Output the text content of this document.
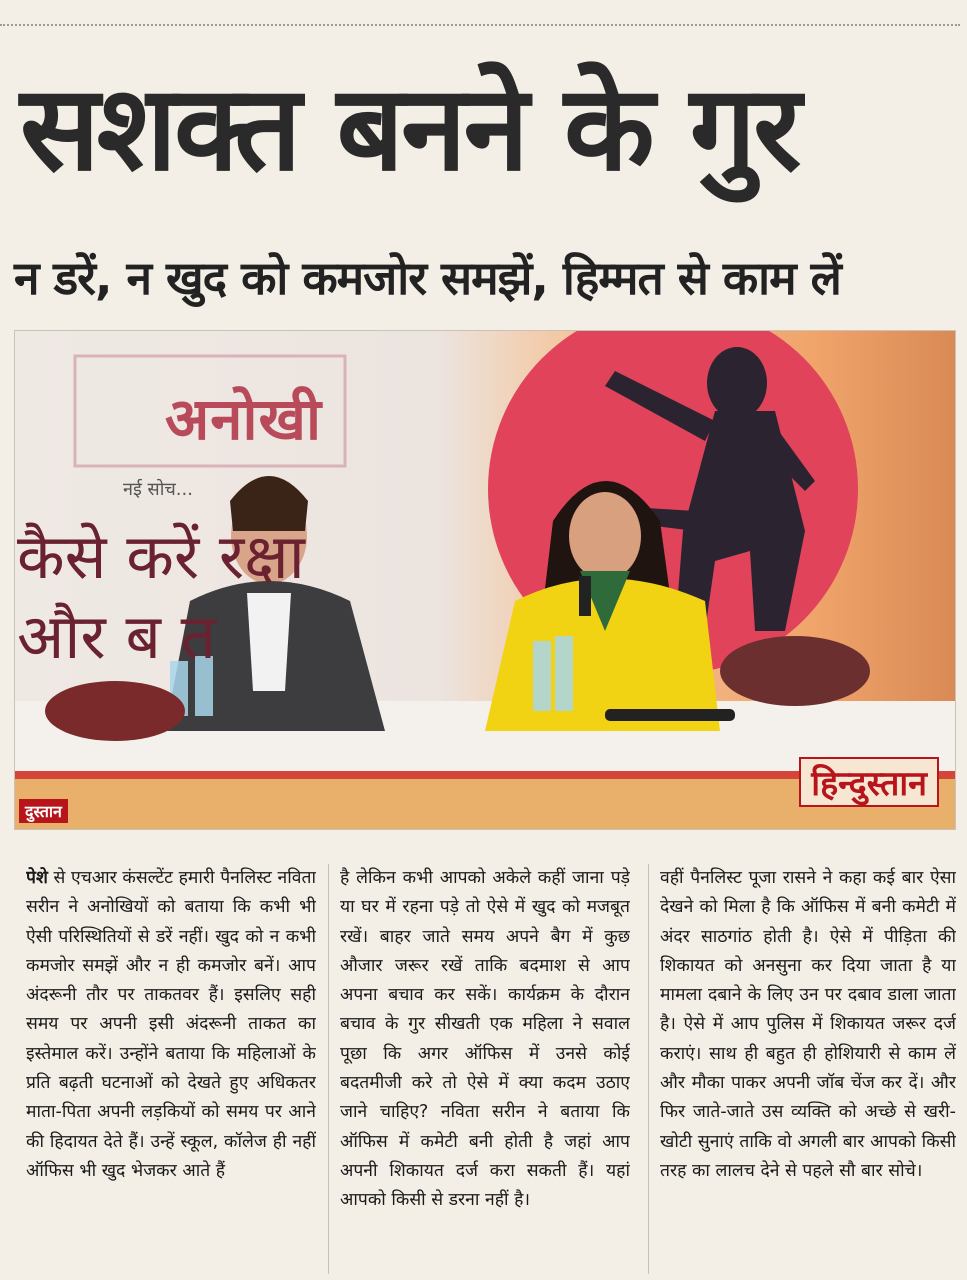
सशक्त बनने के गुर
न डरें, न खुद को कमजोर समझें, हिम्मत से काम लें
अनोखी
नई सोच...
कैसे करें रक्षा
और ब त
हिन्दुस्तान
दुस्तान
पेशे से एचआर कंसल्टेंट हमारी पैनलिस्ट नविता सरीन ने अनोखियों को बताया कि कभी भी ऐसी परिस्थितियों से डरें नहीं। खुद को न कभी कमजोर समझें और न ही कमजोर बनें। आप अंदरूनी तौर पर ताकतवर हैं। इसलिए सही समय पर अपनी इसी अंदरूनी ताकत का इस्तेमाल करें। उन्होंने बताया कि महिलाओं के प्रति बढ़ती घटनाओं को देखते हुए अधिकतर माता-पिता अपनी लड़कियों को समय पर आने की हिदायत देते हैं। उन्हें स्कूल, कॉलेज ही नहीं ऑफिस भी खुद भेजकर आते हैं
है लेकिन कभी आपको अकेले कहीं जाना पड़े या घर में रहना पड़े तो ऐसे में खुद को मजबूत रखें। बाहर जाते समय अपने बैग में कुछ औजार जरूर रखें ताकि बदमाश से आप अपना बचाव कर सकें। कार्यक्रम के दौरान बचाव के गुर सीखती एक महिला ने सवाल पूछा कि अगर ऑफिस में उनसे कोई बदतमीजी करे तो ऐसे में क्या कदम उठाए जाने चाहिए? नविता सरीन ने बताया कि ऑफिस में कमेटी बनी होती है जहां आप अपनी शिकायत दर्ज करा सकती हैं। यहां आपको किसी से डरना नहीं है।
वहीं पैनलिस्ट पूजा रासने ने कहा कई बार ऐसा देखने को मिला है कि ऑफिस में बनी कमेटी में अंदर साठगांठ होती है। ऐसे में पीड़िता की शिकायत को अनसुना कर दिया जाता है या मामला दबाने के लिए उन पर दबाव डाला जाता है। ऐसे में आप पुलिस में शिकायत जरूर दर्ज कराएं। साथ ही बहुत ही होशियारी से काम लें और मौका पाकर अपनी जॉब चेंज कर दें। और फिर जाते-जाते उस व्यक्ति को अच्छे से खरी-खोटी सुनाएं ताकि वो अगली बार आपको किसी तरह का लालच देने से पहले सौ बार सोचे।
